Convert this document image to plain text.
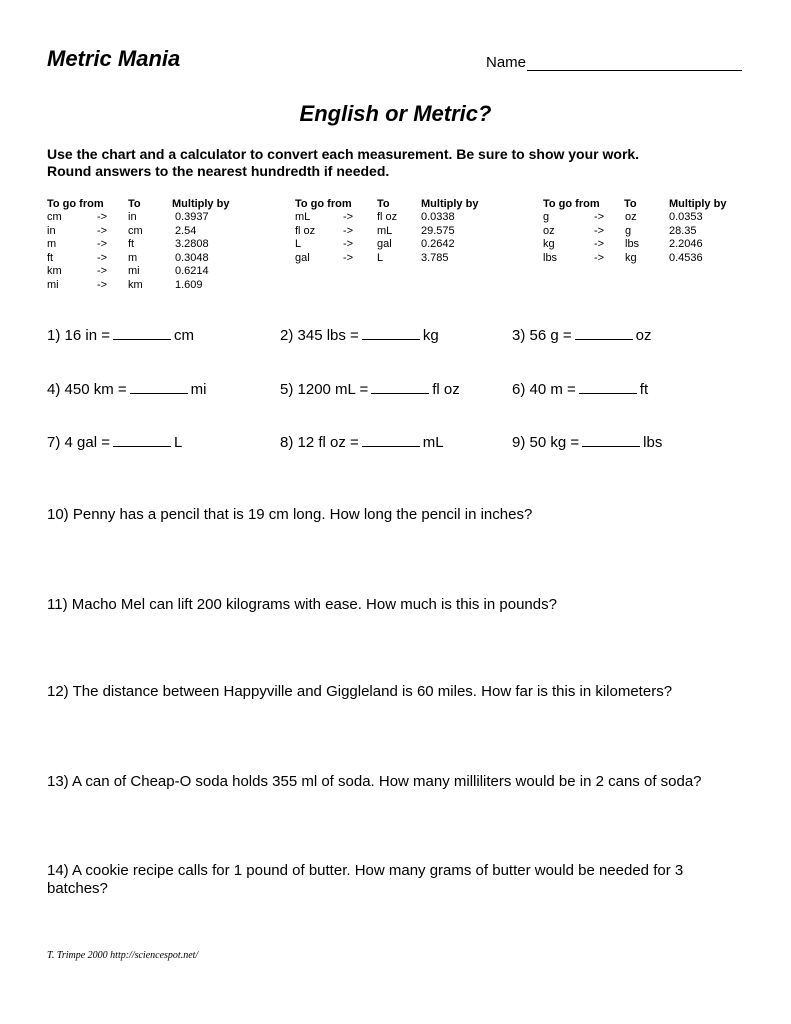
Metric Mania	Name
English or Metric?
Use the chart and a calculator to convert each measurement. Be sure to show your work.
Round answers to the nearest hundredth if needed.
To go from To	Multiply by
cm	-> in	0.3937
in	-> cm	2.54
m	-> ft	3.2808
ft	-> m	0.3048
km	-> mi	0.6214
mi	-> km	1.609
To go from To	Multiply by
mL	-> fl oz 0.0338
fl oz	-> mL	29.575
L	-> gal	0.2642
gal	-> L	3.785
To go from To	Multiply by
g	-> oz	0.0353
oz	-> g	28.35
kg	-> lbs	2.2046
lbs	-> kg	0.4536
1) 16 in =	cm	2) 345 lbs =	kg	3) 56 g =	oz
4) 450 km =	mi	5) 1200 mL =	fl oz	6) 40 m =	ft
7) 4 gal =	L	8) 12 fl oz =	mL	9) 50 kg =	lbs
10) Penny has a pencil that is 19 cm long. How long the pencil in inches?
11) Macho Mel can lift 200 kilograms with ease. How much is this in pounds?
12) The distance between Happyville and Giggleland is 60 miles. How far is this in kilometers?
13) A can of Cheap-O soda holds 355 ml of soda. How many milliliters would be in 2 cans of soda?
14) A cookie recipe calls for 1 pound of butter. How many grams of butter would be needed for 3
batches?
T. Trimpe 2000 http://sciencespot.net/
